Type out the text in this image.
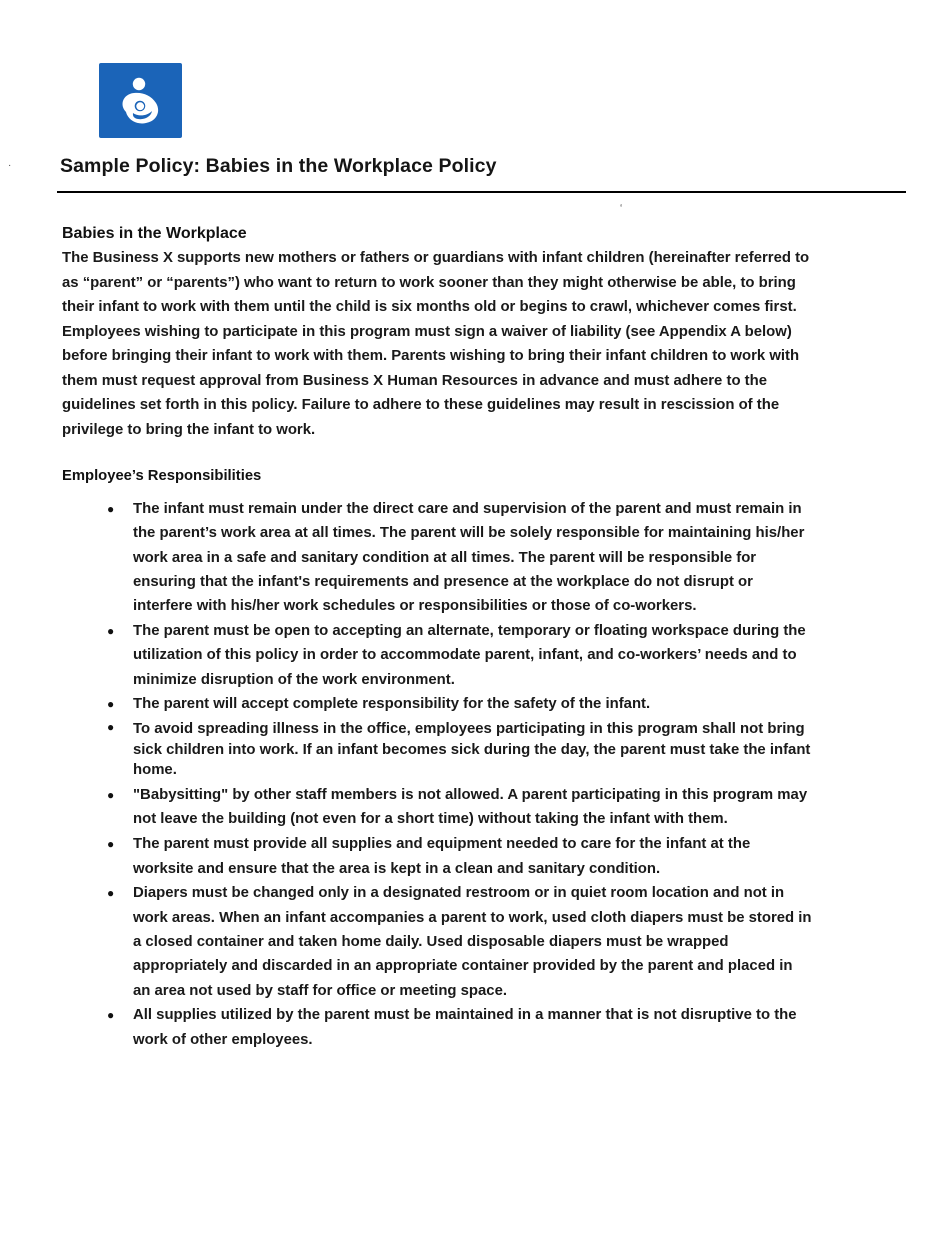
·
‘
Sample Policy: Babies in the Workplace Policy
Babies in the Workplace

The Business X supports new mothers or fathers or guardians with infant children (hereinafter referred to as “parent” or “parents”) who want to return to work sooner than they might otherwise be able, to bring their infant to work with them until the child is six months old or begins to crawl, whichever comes first. Employees wishing to participate in this program must sign a waiver of liability (see Appendix A below) before bringing their infant to work with them. Parents wishing to bring their infant children to work with them must request approval from Business X Human Resources in advance and must adhere to the guidelines set forth in this policy. Failure to adhere to these guidelines may result in rescission of the privilege to bring the infant to work.

Employee’s Responsibilities
● The infant must remain under the direct care and supervision of the parent and must remain in the parent’s work area at all times. The parent will be solely responsible for maintaining his/her work area in a safe and sanitary condition at all times. The parent will be responsible for ensuring that the infant's requirements and presence at the workplace do not disrupt or interfere with his/her work schedules or responsibilities or those of co-workers.
● The parent must be open to accepting an alternate, temporary or floating workspace during the utilization of this policy in order to accommodate parent, infant, and co-workers’ needs and to minimize disruption of the work environment.
● The parent will accept complete responsibility for the safety of the infant.
● To avoid spreading illness in the office, employees participating in this program shall not bring sick children into work. If an infant becomes sick during the day, the parent must take the infant home.
● "Babysitting" by other staff members is not allowed. A parent participating in this program may not leave the building (not even for a short time) without taking the infant with them.
● The parent must provide all supplies and equipment needed to care for the infant at the worksite and ensure that the area is kept in a clean and sanitary condition.
● Diapers must be changed only in a designated restroom or in quiet room location and not in work areas. When an infant accompanies a parent to work, used cloth diapers must be stored in a closed container and taken home daily. Used disposable diapers must be wrapped appropriately and discarded in an appropriate container provided by the parent and placed in an area not used by staff for office or meeting space.
● All supplies utilized by the parent must be maintained in a manner that is not disruptive to the work of other employees.
